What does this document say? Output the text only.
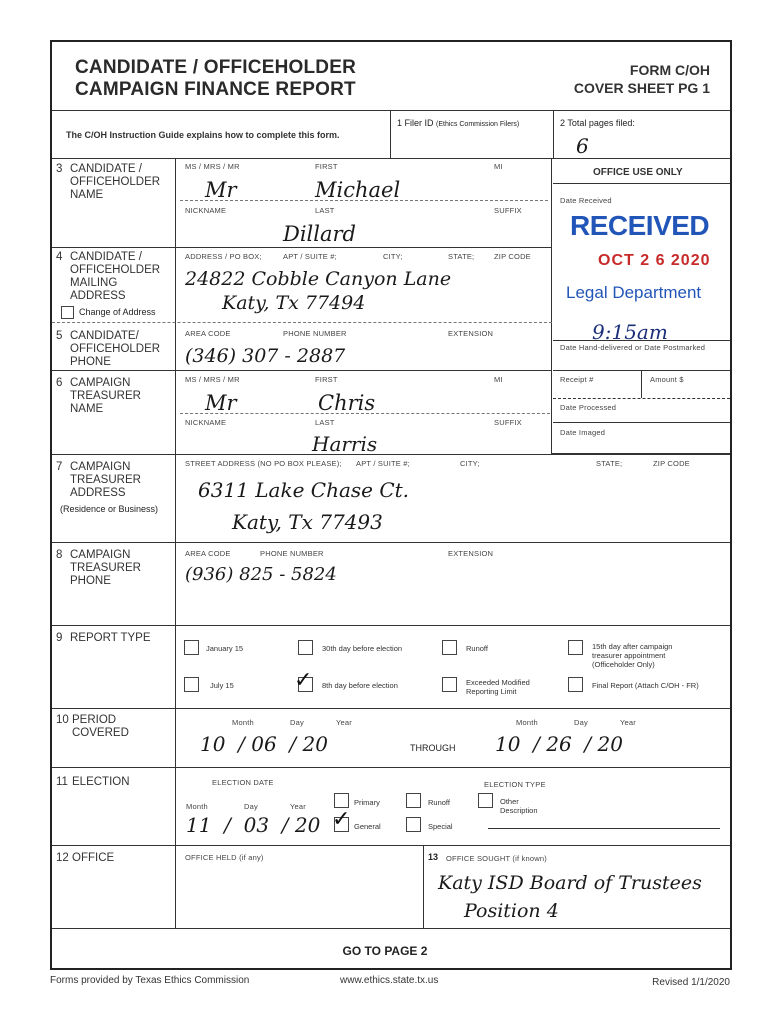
CANDIDATE / OFFICEHOLDER
CAMPAIGN FINANCE REPORT
FORM C/OH
COVER SHEET PG 1
The C/OH Instruction Guide explains how to complete this form.
1 Filer ID (Ethics Commission Filers)	2 Total pages filed:
6
OFFICE USE ONLY
Date Received
RECEIVED
OCT 2 6 2020
Legal Department
9:15am
Date Hand-delivered or Date Postmarked
Receipt #	Amount $
Date Processed
Date Imaged
3 CANDIDATE /
OFFICEHOLDER
NAME
MS / MRS / MR	FIRST	MI
Mr	Michael
NICKNAME	LAST	SUFFIX
Dillard
4 CANDIDATE /
OFFICEHOLDER
MAILING
ADDRESS
Change of Address
ADDRESS / PO BOX;	APT / SUITE #;	CITY;	STATE;	ZIP CODE
24822 Cobble Canyon Lane
Katy, Tx 77494
5 CANDIDATE/
OFFICEHOLDER
PHONE
AREA CODE	PHONE NUMBER	EXTENSION
(346) 307 - 2887
6 CAMPAIGN
TREASURER
NAME
MS / MRS / MR	FIRST	MI
Mr	Chris
NICKNAME	LAST	SUFFIX
Harris
7 CAMPAIGN
TREASURER
ADDRESS
(Residence or Business)
STREET ADDRESS (NO PO BOX PLEASE); APT / SUITE #;	CITY;	STATE;	ZIP CODE
6311 Lake Chase Ct.
Katy, Tx 77493
8 CAMPAIGN
TREASURER
PHONE
AREA CODE	PHONE NUMBER	EXTENSION
(936) 825 - 5824
9 REPORT TYPE
January 15	30th day before election	Runoff	15th day after campaign
treasurer appointment
(Officeholder Only)
July 15	✓ 8th day before election	Exceeded Modified
Reporting Limit
Final Report (Attach C/OH - FR)
10 PERIOD
COVERED
Month	Day	Year
10  / 06  / 20	THROUGH
Month	Day	Year
10  / 26  / 20
11 ELECTION	ELECTION DATE	ELECTION TYPE
Month	Day	Year
11  /  03  / 20
Primary	Runoff	Other
Description
✓ General	Special
12 OFFICE	OFFICE HELD (if any)	13 OFFICE SOUGHT (if known)
Katy ISD Board of Trustees
Position 4
GO TO PAGE 2
Forms provided by Texas Ethics Commission	www.ethics.state.tx.us	Revised 1/1/2020
